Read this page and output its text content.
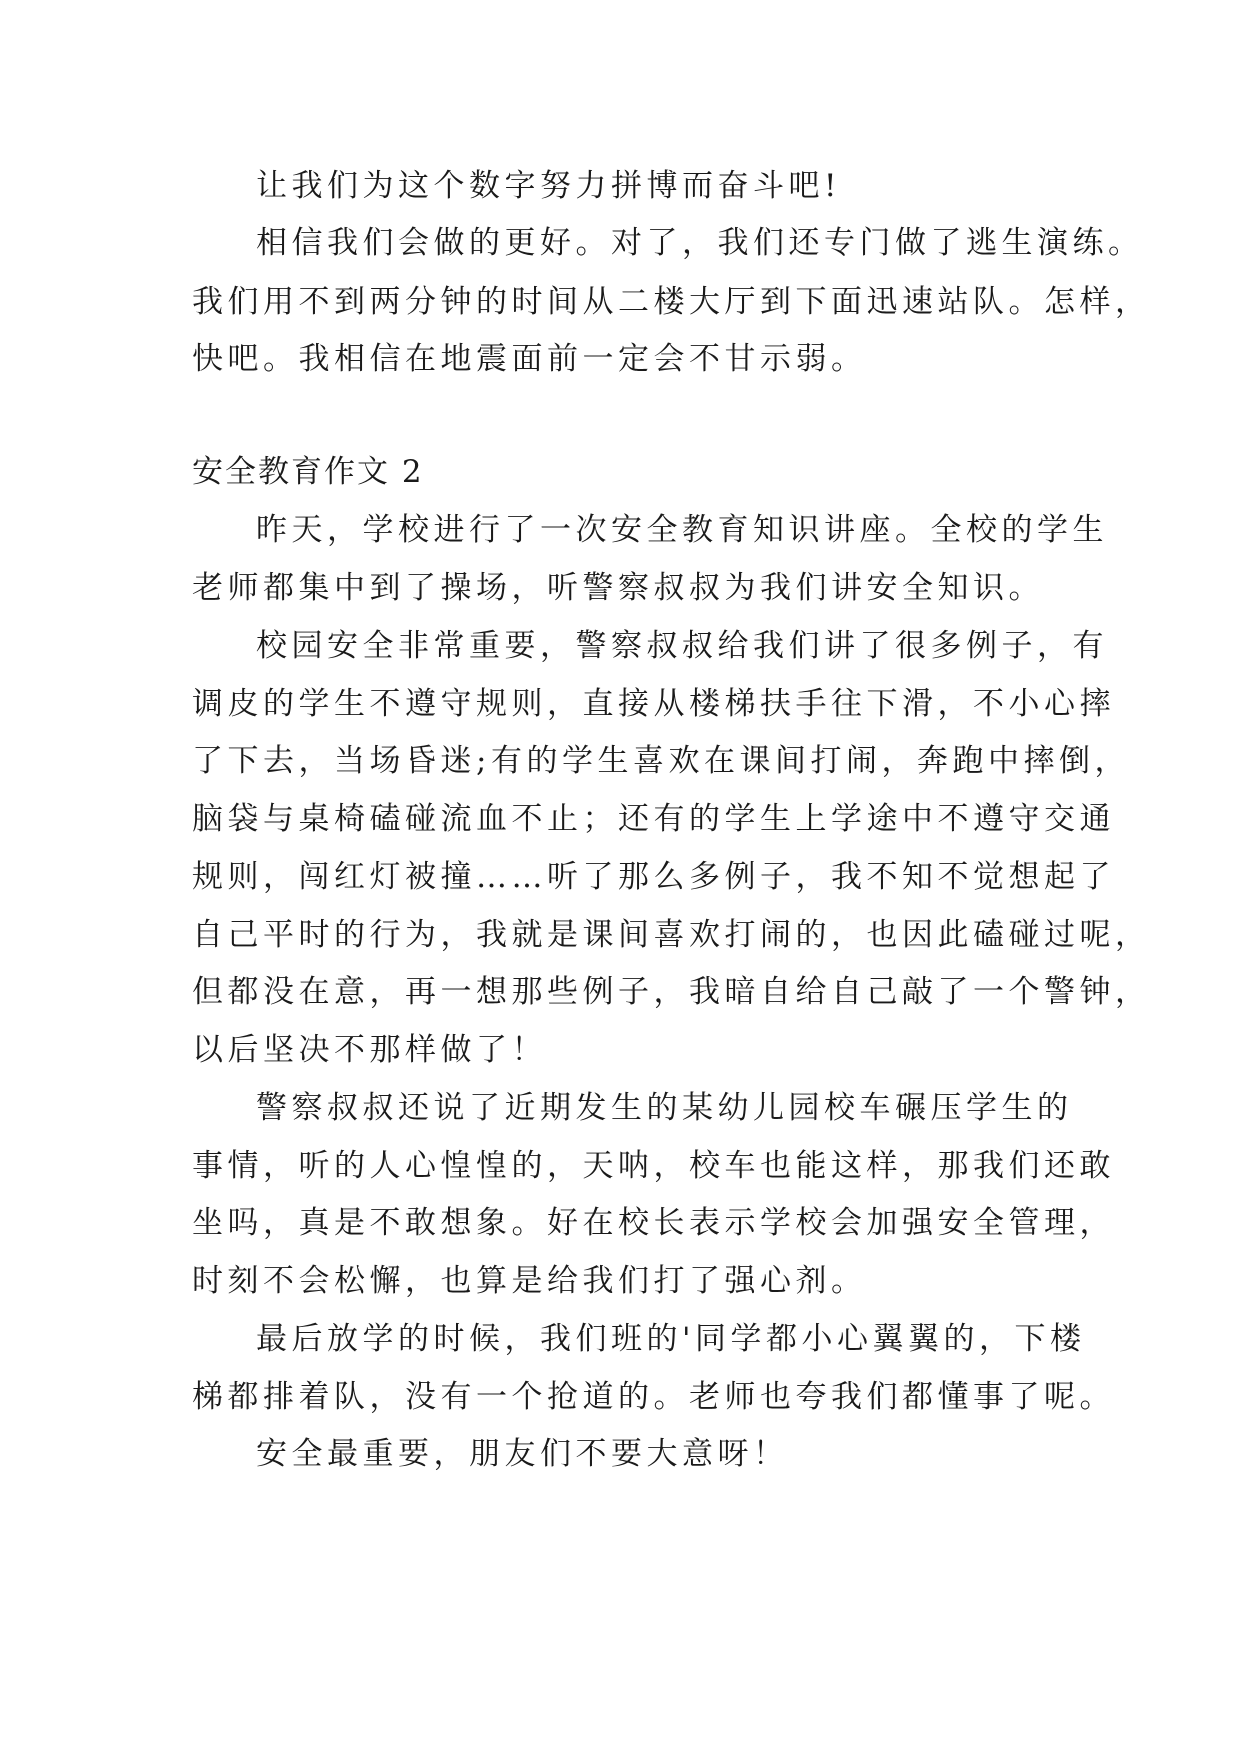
让我们为这个数字努力拼博而奋斗吧!

相信我们会做的更好。对了，我们还专门做了逃生演练。

我们用不到两分钟的时间从二楼大厅到下面迅速站队。怎样，

快吧。我相信在地震面前一定会不甘示弱。

安全教育作文 2

昨天，学校进行了一次安全教育知识讲座。全校的学生

老师都集中到了操场，听警察叔叔为我们讲安全知识。

校园安全非常重要，警察叔叔给我们讲了很多例子，有

调皮的学生不遵守规则，直接从楼梯扶手往下滑，不小心摔

了下去，当场昏迷;有的学生喜欢在课间打闹，奔跑中摔倒，

脑袋与桌椅磕碰流血不止；还有的学生上学途中不遵守交通

规则，闯红灯被撞……听了那么多例子，我不知不觉想起了

自己平时的行为，我就是课间喜欢打闹的，也因此磕碰过呢，

但都没在意，再一想那些例子，我暗自给自己敲了一个警钟，

以后坚决不那样做了！

警察叔叔还说了近期发生的某幼儿园校车碾压学生的

事情，听的人心惶惶的，天呐，校车也能这样，那我们还敢

坐吗，真是不敢想象。好在校长表示学校会加强安全管理，

时刻不会松懈，也算是给我们打了强心剂。

最后放学的时候，我们班的'同学都小心翼翼的，下楼

梯都排着队，没有一个抢道的。老师也夸我们都懂事了呢。

安全最重要，朋友们不要大意呀！
